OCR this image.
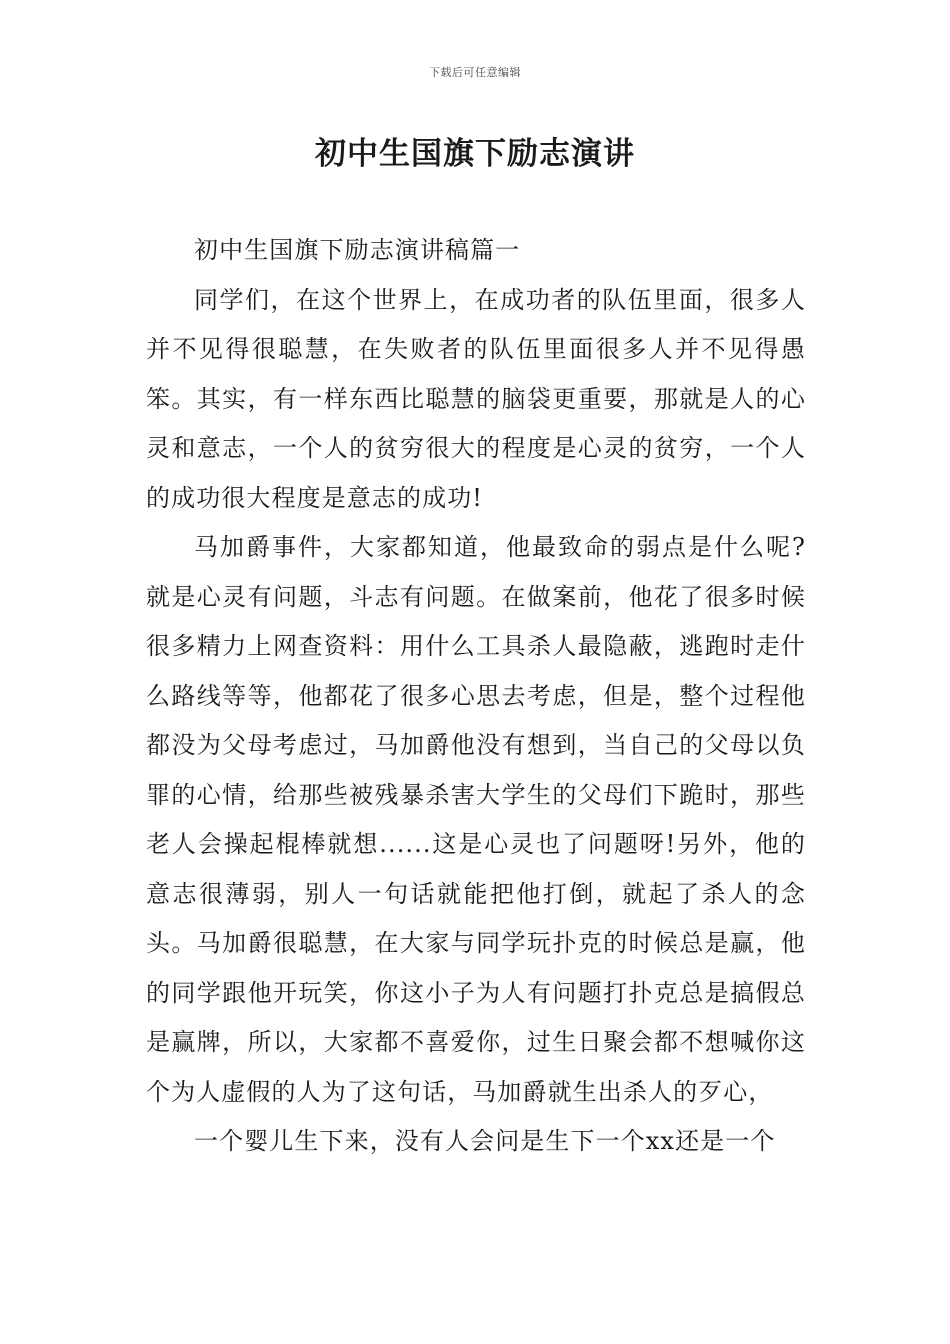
下载后可任意编辑
初中生国旗下励志演讲

初中生国旗下励志演讲稿篇一

同学们，在这个世界上，在成功者的队伍里面，很多人并不见得很聪慧，在失败者的队伍里面很多人并不见得愚笨。其实，有一样东西比聪慧的脑袋更重要，那就是人的心灵和意志，一个人的贫穷很大的程度是心灵的贫穷，一个人的成功很大程度是意志的成功!

马加爵事件，大家都知道，他最致命的弱点是什么呢?就是心灵有问题，斗志有问题。在做案前，他花了很多时候很多精力上网查资料：用什么工具杀人最隐蔽，逃跑时走什么路线等等，他都花了很多心思去考虑，但是，整个过程他都没为父母考虑过，马加爵他没有想到，当自己的父母以负罪的心情，给那些被残暴杀害大学生的父母们下跪时，那些老人会操起棍棒就想......这是心灵也了问题呀!另外，他的意志很薄弱，别人一句话就能把他打倒，就起了杀人的念头。马加爵很聪慧，在大家与同学玩扑克的时候总是赢，他的同学跟他开玩笑，你这小子为人有问题打扑克总是搞假总是赢牌，所以，大家都不喜爱你，过生日聚会都不想喊你这个为人虚假的人为了这句话，马加爵就生出杀人的歹心，

一个婴儿生下来，没有人会问是生下一个xx还是一个
